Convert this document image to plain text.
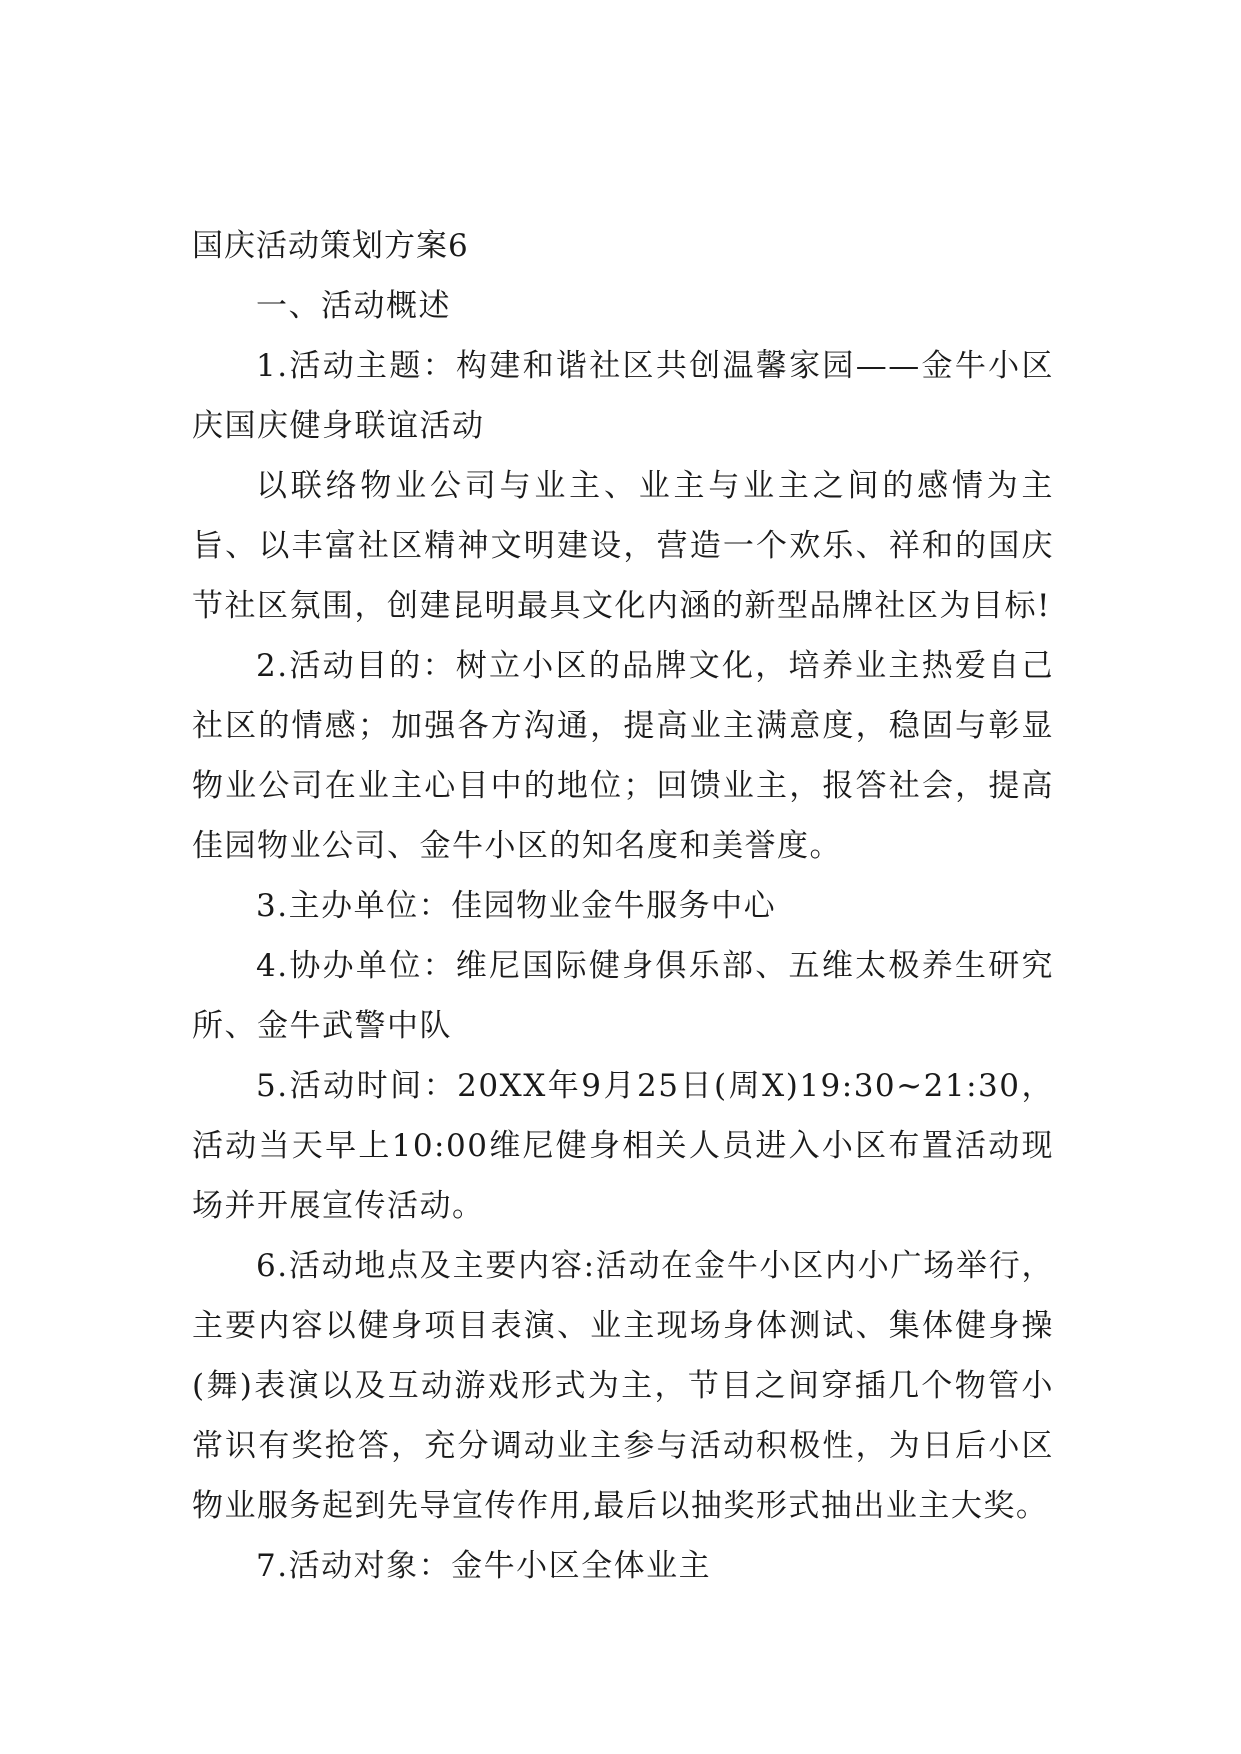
国庆活动策划方案6

一、活动概述

1.活动主题：构建和谐社区共创温馨家园——金牛小区庆国庆健身联谊活动

以联络物业公司与业主、业主与业主之间的感情为主旨、以丰富社区精神文明建设，营造一个欢乐、祥和的国庆节社区氛围，创建昆明最具文化内涵的新型品牌社区为目标!

2.活动目的：树立小区的品牌文化，培养业主热爱自己社区的情感；加强各方沟通，提高业主满意度，稳固与彰显物业公司在业主心目中的地位；回馈业主，报答社会，提高佳园物业公司、金牛小区的知名度和美誉度。

3.主办单位：佳园物业金牛服务中心

4.协办单位：维尼国际健身俱乐部、五维太极养生研究所、金牛武警中队

5.活动时间：20XX年9月25日(周X)19:30~21:30，活动当天早上10:00维尼健身相关人员进入小区布置活动现场并开展宣传活动。

6.活动地点及主要内容:活动在金牛小区内小广场举行，主要内容以健身项目表演、业主现场身体测试、集体健身操(舞)表演以及互动游戏形式为主，节目之间穿插几个物管小常识有奖抢答，充分调动业主参与活动积极性，为日后小区物业服务起到先导宣传作用,最后以抽奖形式抽出业主大奖。

7.活动对象：金牛小区全体业主
